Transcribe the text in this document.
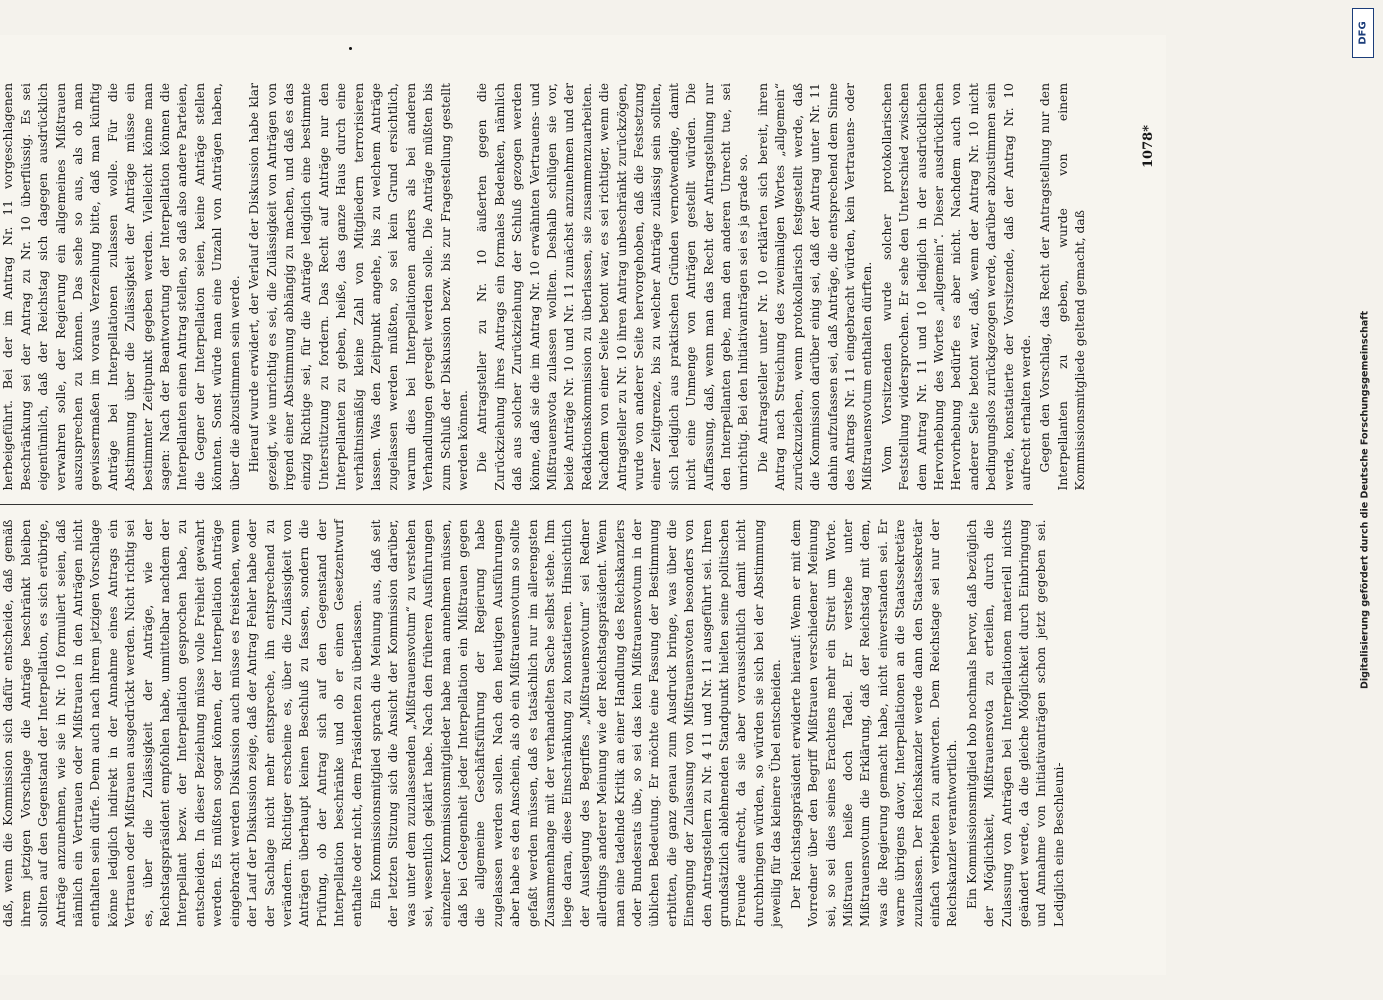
daß, wenn die Kommission sich dafür entscheide, daß gemäß ihrem jetzigen Vorschlage die Anträge beschränkt bleiben sollten auf den Gegenstand der Interpellation, es sich erübrige, Anträge anzunehmen, wie sie in Nr. 10 formuliert seien, daß nämlich ein Vertrauen oder Mißtrauen in den Anträgen nicht enthalten sein dürfe. Denn auch nach ihrem jetzigen Vorschlage könne lediglich indirekt in der Annahme eines Antrags ein Vertrauen oder Mißtrauen ausgedrückt werden. Nicht richtig sei es, über die Zulässigkeit der Anträge, wie der Reichstagspräsident empfohlen habe, unmittelbar nachdem der Interpellant bezw. der Interpellation gesprochen habe, zu entscheiden. In dieser Beziehung müsse volle Freiheit gewahrt werden. Es müßten sogar können, der Interpellation Anträge eingebracht werden Diskussion auch müsse es freistehen, wenn der Lauf der Diskussion zeige, daß der Antrag Fehler habe oder der Sachlage nicht mehr entspreche, ihn entsprechend zu verändern. Richtiger erscheine es, über die Zulässigkeit von Anträgen überhaupt keinen Beschluß zu fassen, sondern die Prüfung, ob der Antrag sich auf den Gegenstand der Interpellation beschränke und ob er einen Gesetzentwurf enthalte oder nicht, dem Präsidenten zu überlassen. Ein Kommissionsmitglied sprach die Meinung aus, daß seit der letzten Sitzung sich die Ansicht der Kommission darüber, was unter dem zuzulassenden „Mißtrauensvotum“ zu verstehen sei, wesentlich geklärt habe. Nach den früheren Ausführungen einzelner Kommissionsmitglieder habe man annehmen müssen, daß bei Gelegenheit jeder Interpellation ein Mißtrauen gegen die allgemeine Geschäftsführung der Regierung habe zugelassen werden sollen. Nach den heutigen Ausführungen aber habe es den Anschein, als ob ein Mißtrauensvotum so sollte gefaßt werden müssen, daß es tatsächlich nur im allerengsten Zusammenhange mit der verhandelten Sache selbst stehe. Ihm liege daran, diese Einschränkung zu konstatieren. Hinsichtlich der Auslegung des Begriffes „Mißtrauensvotum“ sei Redner allerdings anderer Meinung wie der Reichstagspräsident. Wenn man eine tadelnde Kritik an einer Handlung des Reichskanzlers oder Bundesrats übe, so sei das kein Mißtrauensvotum in der üblichen Bedeutung. Er möchte eine Fassung der Bestimmung erbitten, die ganz genau zum Ausdruck bringe, was über die Einengung der Zulassung von Mißtrauensvoten besonders von den Antragstellern zu Nr. 4 11 und Nr. 11 ausgeführt sei. Ihren grundsätzlich ablehnenden Standpunkt hielten seine politischen Freunde aufrecht, da sie aber voraussichtlich damit nicht durchbringen würden, so würden sie sich bei der Abstimmung jeweilig für das kleinere Übel entscheiden. Der Reichstagspräsident erwiderte hierauf: Wenn er mit dem Vorredner über den Begriff Mißtrauen verschiedener Meinung sei, so sei dies seines Erachtens mehr ein Streit um Worte. Mißtrauen heiße doch Tadel. Er verstehe unter Mißtrauensvotum die Erklärung, daß der Reichstag mit dem, was die Regierung gemacht habe, nicht einverstanden sei. Er warne übrigens davor, Interpellationen an die Staatssekretäre zuzulassen. Der Reichskanzler werde dann den Staatssekretär einfach verbieten zu antworten. Dem Reichstage sei nur der Reichskanzler verantwortlich. Ein Kommissionsmitglied hob nochmals hervor, daß bezüglich der Möglichkeit, Mißtrauensvota zu erteilen, durch die Zulassung von Anträgen bei Interpellationen materiell nichts geändert werde, da die gleiche Möglichkeit durch Einbringung und Annahme von Initiativanträgen schon jetzt gegeben sei. Lediglich eine Beschleuni-

herbeigeführt. Bei der im Antrag Nr. 11 vorgeschlagenen Beschränkung sei der Antrag zu Nr. 10 überflüssig. Es sei eigentümlich, daß der Reichstag sich dagegen ausdrücklich verwahren solle, der Regierung ein allgemeines Mißtrauen auszusprechen zu können. Das sehe so aus, als ob man gewissermaßen im voraus Verzeihung bitte, daß man künftig Anträge bei Interpellationen zulassen wolle. Für die Abstimmung über die Zulässigkeit der Anträge müsse ein bestimmter Zeitpunkt gegeben werden. Vielleicht könne man sagen: Nach der Beantwortung der Interpellation können die Interpellanten einen Antrag stellen, so daß also andere Parteien, die Gegner der Interpellation seien, keine Anträge stellen könnten. Sonst würde man eine Unzahl von Anträgen haben, über die abzustimmen sein werde. Hierauf wurde erwidert, der Verlauf der Diskussion habe klar gezeigt, wie unrichtig es sei, die Zulässigkeit von Anträgen von irgend einer Abstimmung abhängig zu machen, und daß es das einzig Richtige sei, für die Anträge lediglich eine bestimmte Unterstützung zu fordern. Das Recht auf Anträge nur den Interpellanten zu geben, heiße, das ganze Haus durch eine verhältnismäßig kleine Zahl von Mitgliedern terrorisieren lassen. Was den Zeitpunkt angehe, bis zu welchem Anträge zugelassen werden müßten, so sei kein Grund ersichtlich, warum dies bei Interpellationen anders als bei anderen Verhandlungen geregelt werden solle. Die Anträge müßten bis zum Schluß der Diskussion bezw. bis zur Fragestellung gestellt werden können. Die Antragsteller zu Nr. 10 äußerten gegen die Zurückziehung ihres Antrags ein formales Bedenken, nämlich daß aus solcher Zurückziehung der Schluß gezogen werden könne, daß sie die im Antrag Nr. 10 erwähnten Vertrauens- und Mißtrauensvota zulassen wollten. Deshalb schlügen sie vor, beide Anträge Nr. 10 und Nr. 11 zunächst anzunehmen und der Redaktionskommission zu überlassen, sie zusammenzuarbeiten. Nachdem von einer Seite betont war, es sei richtiger, wenn die Antragsteller zu Nr. 10 ihren Antrag unbeschränkt zurückzögen, wurde von anderer Seite hervorgehoben, daß die Festsetzung einer Zeitgrenze, bis zu welcher Anträge zulässig sein sollten, sich lediglich aus praktischen Gründen vernotwendige, damit nicht eine Unmenge von Anträgen gestellt würden. Die Auffassung, daß, wenn man das Recht der Antragstellung nur den Interpellanten gebe, man den anderen Unrecht tue, sei unrichtig. Bei den Initiativanträgen sei es ja grade so. Die Antragsteller unter Nr. 10 erklärten sich bereit, ihren Antrag nach Streichung des zweimaligen Wortes „allgemein“ zurückzuziehen, wenn protokollarisch festgestellt werde, daß die Kommission darüber einig sei, daß der Antrag unter Nr. 11 dahin aufzufassen sei, daß Anträge, die entsprechend dem Sinne des Antrags Nr. 11 eingebracht würden, kein Vertrauens- oder Mißtrauensvotum enthalten dürften. Vom Vorsitzenden wurde solcher protokollarischen Feststellung widersprochen. Er sehe den Unterschied zwischen dem Antrag Nr. 11 und 10 lediglich in der ausdrücklichen Hervorhebung des Wortes „allgemein“. Dieser ausdrücklichen Hervorhebung bedürfe es aber nicht. Nachdem auch von anderer Seite betont war, daß, wenn der Antrag Nr. 10 nicht bedingungslos zurückgezogen werde, darüber abzustimmen sein werde, konstatierte der Vorsitzende, daß der Antrag Nr. 10 aufrecht erhalten werde. Gegen den Vorschlag, das Recht der Antragstellung nur den Interpellanten zu geben, wurde von einem Kommissionsmitgliede geltend gemacht, daß

1078*
DFG
Digitalisierung gefördert durch die Deutsche Forschungsgemeinschaft
